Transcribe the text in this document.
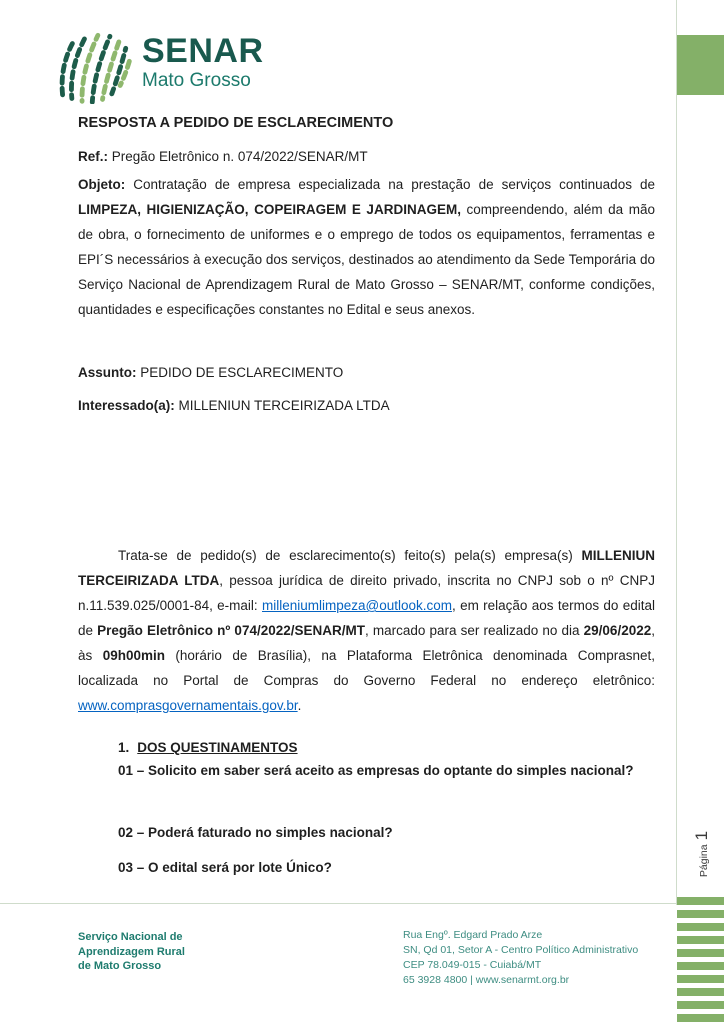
SENAR
Mato Grosso
Página
1
RESPOSTA A PEDIDO DE ESCLARECIMENTO
Ref.: Pregão Eletrônico n. 074/2022/SENAR/MT
Objeto: Contratação de empresa especializada na prestação de serviços continuados de LIMPEZA, HIGIENIZAÇÃO, COPEIRAGEM E JARDINAGEM, compreendendo, além da mão de obra, o fornecimento de uniformes e o emprego de todos os equipamentos, ferramentas e EPI´S necessários à execução dos serviços, destinados ao atendimento da Sede Temporária do Serviço Nacional de Aprendizagem Rural de Mato Grosso – SENAR/MT, conforme condições, quantidades e especificações constantes no Edital e seus anexos.
Assunto: PEDIDO DE ESCLARECIMENTO
Interessado(a): MILLENIUN TERCEIRIZADA LTDA
Trata-se de pedido(s) de esclarecimento(s) feito(s) pela(s) empresa(s) MILLENIUN TERCEIRIZADA LTDA, pessoa jurídica de direito privado, inscrita no CNPJ sob o nº CNPJ n.11.539.025/0001-84, e-mail: milleniumlimpeza@outlook.com, em relação aos termos do edital de Pregão Eletrônico nº 074/2022/SENAR/MT, marcado para ser realizado no dia 29/06/2022, às 09h00min (horário de Brasília), na Plataforma Eletrônica denominada Comprasnet, localizada no Portal de Compras do Governo Federal no endereço eletrônico: www.comprasgovernamentais.gov.br.
1. DOS QUESTINAMENTOS
01 – Solicito em saber será aceito as empresas do optante do simples nacional?
02 – Poderá faturado no simples nacional?
03 – O edital será por lote Único?
Serviço Nacional de
Aprendizagem Rural
de Mato Grosso
Rua Engº. Edgard Prado Arze
SN, Qd 01, Setor A - Centro Político Administrativo
CEP 78.049-015 - Cuiabá/MT
65 3928 4800 | www.senarmt.org.br
